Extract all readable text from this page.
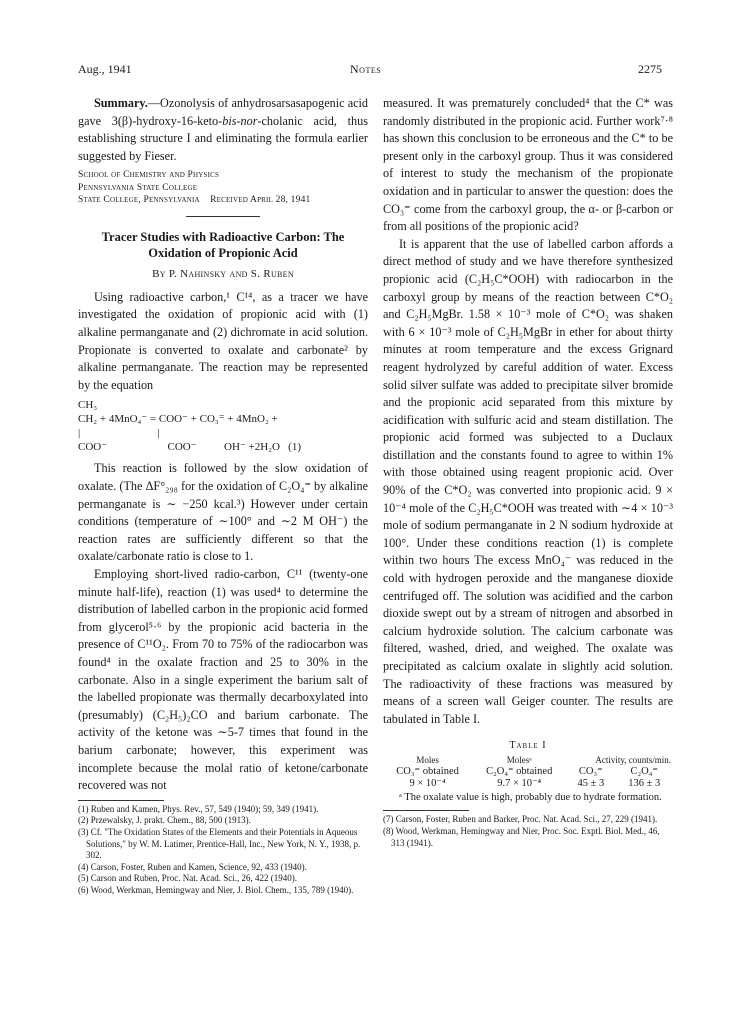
Aug., 1941	Notes	2275

Summary.—Ozonolysis of anhydrosarsasapogenic acid gave 3(β)-hydroxy-16-keto-bis-nor-cholanic acid, thus establishing structure I and eliminating the formula earlier suggested by Fieser.

School of Chemistry and Physics
Pennsylvania State College
State College, Pennsylvania    Received April 28, 1941
Tracer Studies with Radioactive Carbon: The
Oxidation of Propionic Acid
By P. Nahinsky and S. Ruben

Using radioactive carbon,¹ C¹⁴, as a tracer we have investigated the oxidation of propionic acid with (1) alkaline permanganate and (2) dichromate in acid solution. Propionate is converted to oxalate and carbonate² by alkaline permanganate. The reaction may be represented by the equation

CH₃
CH₂ + 4MnO₄⁻ = COO⁻ + CO₃⁼ + 4MnO₂ +
|                            |
COO⁻                      COO⁻          OH⁻ +2H₂O   (1)

This reaction is followed by the slow oxidation of oxalate. (The ΔF°₂₉₈ for the oxidation of C₂O₄⁼ by alkaline permanganate is ∼ −250 kcal.³) However under certain conditions (temperature of ∼100° and ∼2 M OH⁻) the reaction rates are sufficiently different so that the oxalate/carbonate ratio is close to 1.

Employing short-lived radio-carbon, C¹¹ (twenty-one minute half-life), reaction (1) was used⁴ to determine the distribution of labelled carbon in the propionic acid formed from glycerol⁵·⁶ by the propionic acid bacteria in the presence of C¹¹O₂. From 70 to 75% of the radiocarbon was found⁴ in the oxalate fraction and 25 to 30% in the carbonate. Also in a single experiment the barium salt of the labelled propionate was thermally decarboxylated into (presumably) (C₂H₅)₂CO and barium carbonate. The activity of the ketone was ∼5-7 times that found in the barium carbonate; however, this experiment was incomplete because the molal ratio of ketone/carbonate recovered was not

(1) Ruben and Kamen, Phys. Rev., 57, 549 (1940); 59, 349 (1941).

(2) Przewalsky, J. prakt. Chem., 88, 500 (1913).

(3) Cf. "The Oxidation States of the Elements and their Potentials in Aqueous Solutions," by W. M. Latimer, Prentice-Hall, Inc., New York, N. Y., 1938, p. 302.

(4) Carson, Foster, Ruben and Kamen, Science, 92, 433 (1940).

(5) Carson and Ruben, Proc. Nat. Acad. Sci., 26, 422 (1940).

(6) Wood, Werkman, Hemingway and Nier, J. Biol. Chem., 135, 789 (1940).

measured. It was prematurely concluded⁴ that the C* was randomly distributed in the propionic acid. Further work⁷·⁸ has shown this conclusion to be erroneous and the C* to be present only in the carboxyl group. Thus it was considered of interest to study the mechanism of the propionate oxidation and in particular to answer the question: does the CO₃⁼ come from the carboxyl group, the α- or β-carbon or from all positions of the propionic acid?

It is apparent that the use of labelled carbon affords a direct method of study and we have therefore synthesized propionic acid (C₂H₅C*OOH) with radiocarbon in the carboxyl group by means of the reaction between C*O₂ and C₂H₅MgBr. 1.58 × 10⁻³ mole of C*O₂ was shaken with 6 × 10⁻³ mole of C₂H₅MgBr in ether for about thirty minutes at room temperature and the excess Grignard reagent hydrolyzed by careful addition of water. Excess solid silver sulfate was added to precipitate silver bromide and the propionic acid separated from this mixture by acidification with sulfuric acid and steam distillation. The propionic acid formed was subjected to a Duclaux distillation and the constants found to agree to within 1% with those obtained using reagent propionic acid. Over 90% of the C*O₂ was converted into propionic acid. 9 × 10⁻⁴ mole of the C₂H₅C*OOH was treated with ∼4 × 10⁻³ mole of sodium permanganate in 2 N sodium hydroxide at 100°. Under these conditions reaction (1) is complete within two hours The excess MnO₄⁻ was reduced in the cold with hydrogen peroxide and the manganese dioxide centrifuged off. The solution was acidified and the carbon dioxide swept out by a stream of nitrogen and absorbed in calcium hydroxide solution. The calcium carbonate was filtered, washed, dried, and weighed. The oxalate was precipitated as calcium oxalate in slightly acid solution. The radioactivity of these fractions was measured by means of a screen wall Geiger counter. The results are tabulated in Table I.

Table I
Moles	Molesᵃ	Activity, counts/min.	
CO₃⁼ obtained	C₂O₄⁼ obtained	CO₃⁼	C₂O₄⁼
9 × 10⁻⁴	9.7 × 10⁻⁴	45 ± 3	136 ± 3

ᵃ The oxalate value is high, probably due to hydrate formation.

(7) Carson, Foster, Ruben and Barker, Proc. Nat. Acad. Sci., 27, 229 (1941).

(8) Wood, Werkman, Hemingway and Nier, Proc. Soc. Exptl. Biol. Med., 46, 313 (1941).
